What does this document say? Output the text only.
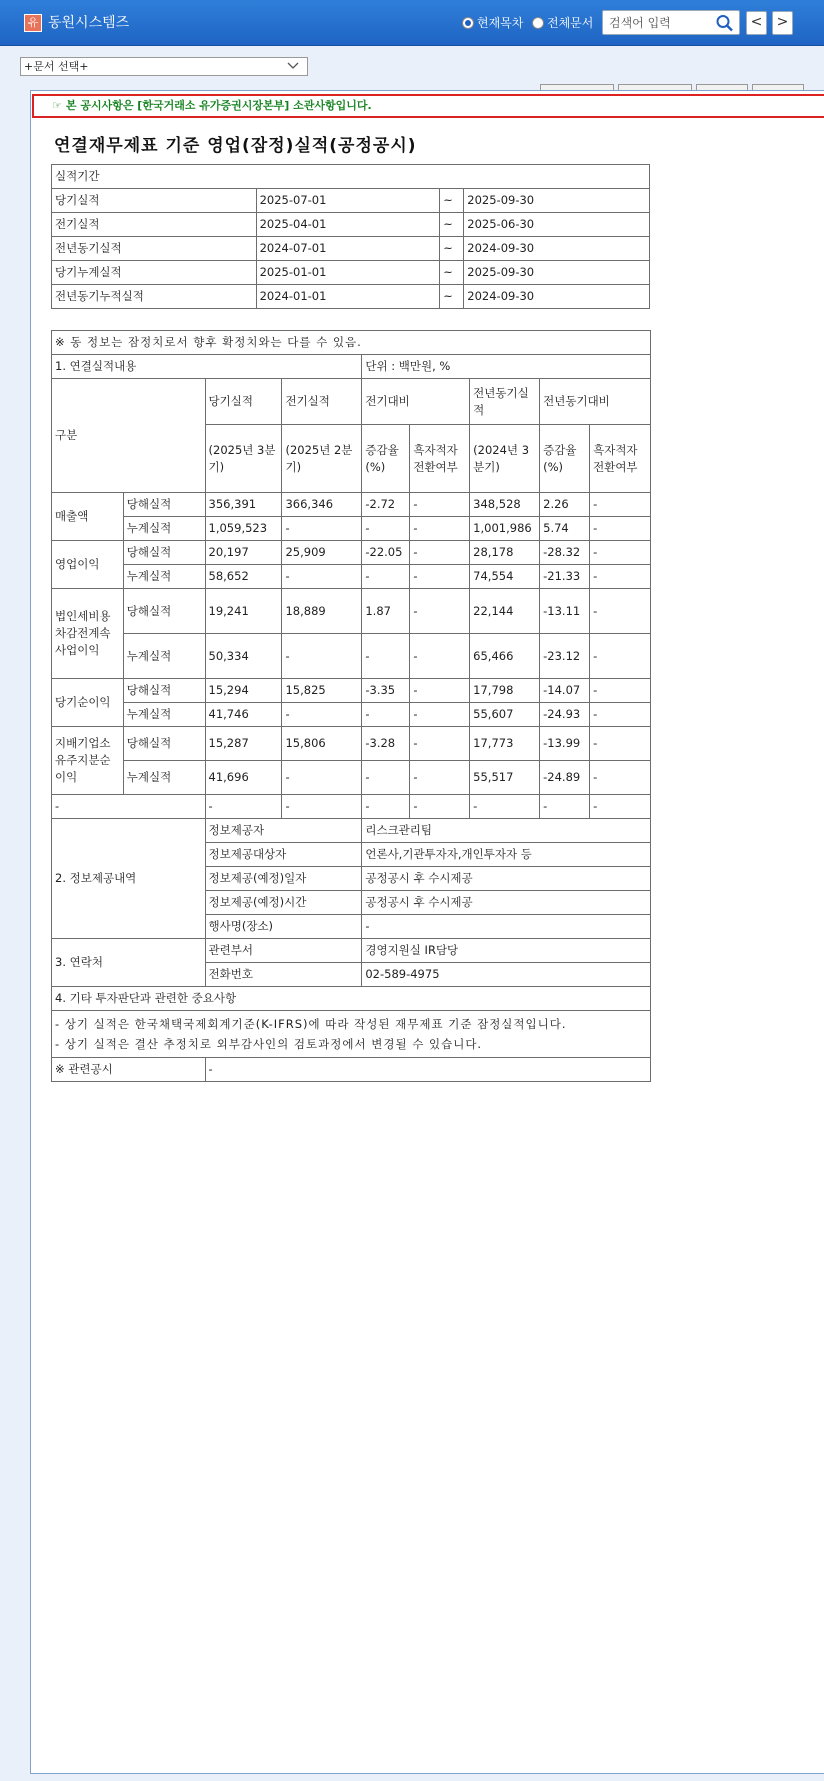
유 동원시스템즈	현재목차 전체문서
검색어 입력	<	>
+문서 선택+
☞ 본 공시사항은 [한국거래소 유가증권시장본부] 소관사항입니다.
연결재무제표 기준 영업(잠정)실적(공정공시)
실적기간			
당기실적	2025-07-01	~	2025-09-30
전기실적	2025-04-01	~	2025-06-30
전년동기실적	2024-07-01	~	2024-09-30
당기누계실적	2025-01-01	~	2025-09-30
전년동기누적실적	2024-01-01	~	2024-09-30
※ 동 정보는 잠정치로서 향후 확정치와는 다를 수 있음.								
1. 연결실적내용				단위 : 백만원, %				
구분		당기실적	전기실적	전기대비		전년동기실적	전년동기대비	
		(2025년 3분기)	(2025년 2분기)	증감율(%)	흑자적자전환여부	(2024년 3분기)	증감율(%)	흑자적자전환여부
매출액	당해실적	356,391	366,346	-2.72	-	348,528	2.26	-
	누계실적	1,059,523	-	-	-	1,001,986	5.74	-
영업이익	당해실적	20,197	25,909	-22.05	-	28,178	-28.32	-
	누계실적	58,652	-	-	-	74,554	-21.33	-
법인세비용차감전계속사업이익	당해실적	19,241	18,889	1.87	-	22,144	-13.11	-
	누계실적	50,334	-	-	-	65,466	-23.12	-
당기순이익	당해실적	15,294	15,825	-3.35	-	17,798	-14.07	-
	누계실적	41,746	-	-	-	55,607	-24.93	-
지배기업소유주지분순이익	당해실적	15,287	15,806	-3.28	-	17,773	-13.99	-
	누계실적	41,696	-	-	-	55,517	-24.89	-
-		-	-	-	-	-	-	-
2. 정보제공내역		정보제공자		리스크관리팀				
		정보제공대상자		언론사,기관투자자,개인투자자 등				
		정보제공(예정)일자		공정공시 후 수시제공				
		정보제공(예정)시간		공정공시 후 수시제공				
		행사명(장소)		-				
3. 연락처		관련부서		경영지원실 IR담당				
		전화번호		02-589-4975				
4. 기타 투자판단과 관련한 중요사항								

- 상기 실적은 한국채택국제회계기준(K-IFRS)에 따라 작성된 재무제표 기준 잠정실적입니다.
- 상기 실적은 결산 추정치로 외부감사인의 검토과정에서 변경될 수 있습니다.								

※ 관련공시		-						
